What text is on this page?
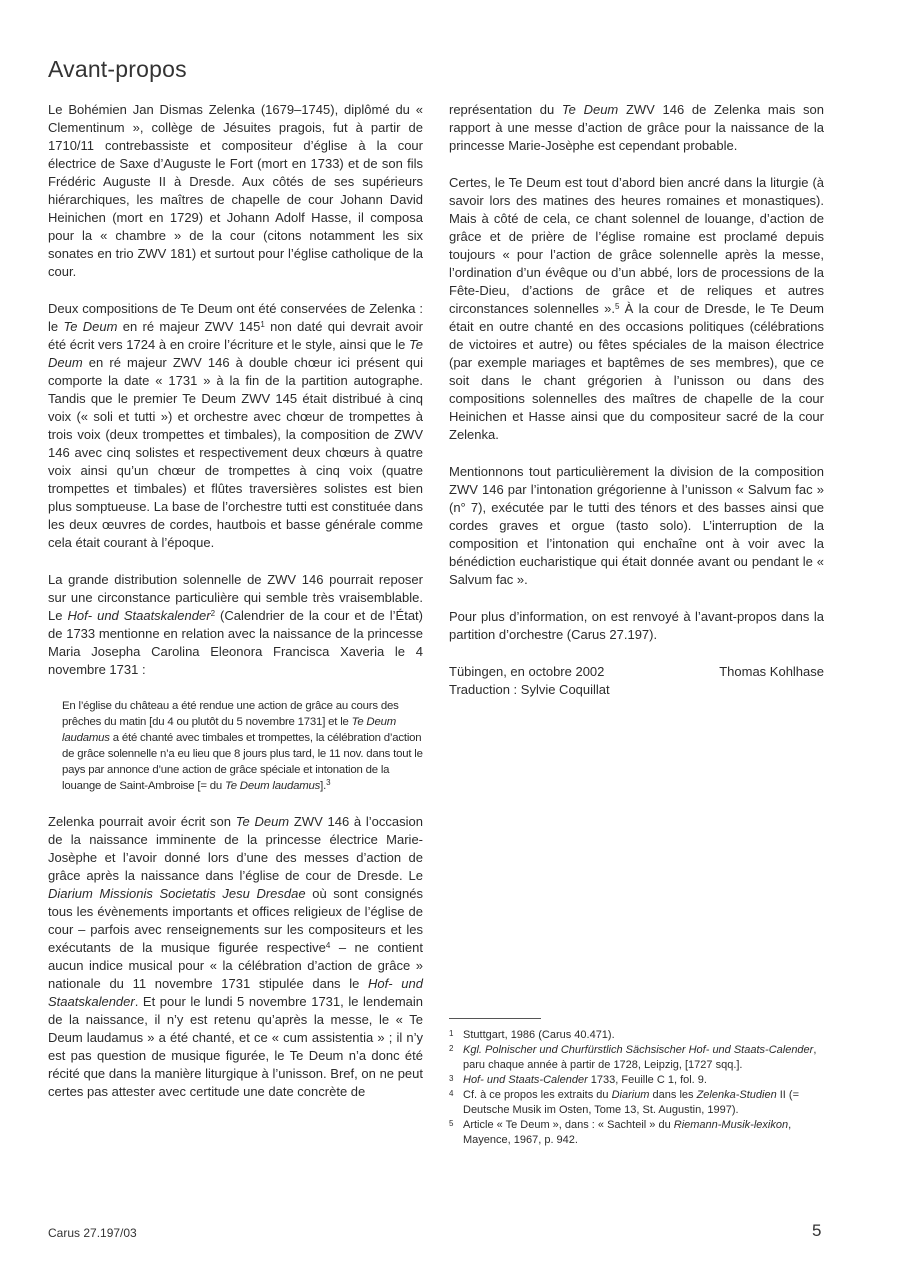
Avant-propos

Le Bohémien Jan Dismas Zelenka (1679–1745), diplômé du « Clementinum », collège de Jésuites pragois, fut à partir de 1710/11 contrebassiste et compositeur d’église à la cour électrice de Saxe d’Auguste le Fort (mort en 1733) et de son fils Frédéric Auguste II à Dresde. Aux côtés de ses supérieurs hiérarchiques, les maîtres de chapelle de cour Johann David Heinichen (mort en 1729) et Johann Adolf Hasse, il composa pour la « chambre » de la cour (citons notamment les six sonates en trio ZWV 181) et surtout pour l’église catholique de la cour.

Deux compositions de Te Deum ont été conservées de Zelenka : le Te Deum en ré majeur ZWV $145^1$ non daté qui devrait avoir été écrit vers 1724 à en croire l’écriture et le style, ainsi que le Te Deum en ré majeur ZWV 146 à double chœur ici présent qui comporte la date « 1731 » à la fin de la partition autographe. Tandis que le premier Te Deum ZWV 145 était distribué à cinq voix (« soli et tutti ») et orchestre avec chœur de trompettes à trois voix (deux trompettes et timbales), la composition de ZWV 146 avec cinq solistes et respectivement deux chœurs à quatre voix ainsi qu’un chœur de trompettes à cinq voix (quatre trompettes et timbales) et flûtes traversières solistes est bien plus somptueuse. La base de l’orchestre tutti est constituée dans les deux œuvres de cordes, hautbois et basse générale comme cela était courant à l’époque.

La grande distribution solennelle de ZWV 146 pourrait reposer sur une circonstance particulière qui semble très vraisemblable. Le Hof- und Staatskalender$^2$ (Calendrier de la cour et de l’État) de 1733 mentionne en relation avec la naissance de la princesse Maria Josepha Carolina Eleonora Francisca Xaveria le 4 novembre 1731 :

En l’église du château a été rendue une action de grâce au cours des prêches du matin [du 4 ou plutôt du 5 novembre 1731] et le Te Deum laudamus a été chanté avec timbales et trompettes, la célébration d’action de grâce solennelle n’a eu lieu que 8 jours plus tard, le 11 nov. dans tout le pays par annonce d’une action de grâce spéciale et intonation de la louange de Saint-Ambroise [= du Te Deum laudamus].$^3$

Zelenka pourrait avoir écrit son Te Deum ZWV 146 à l’occasion de la naissance imminente de la princesse électrice Marie-Josèphe et l’avoir donné lors d’une des messes d’action de grâce après la naissance dans l’église de cour de Dresde. Le Diarium Missionis Societatis Jesu Dresdae où sont consignés tous les évènements importants et offices religieux de l’église de cour – parfois avec renseignements sur les compositeurs et les exécutants de la musique figurée respective$^4$ – ne contient aucun indice musical pour « la célébration d’action de grâce » nationale du 11 novembre 1731 stipulée dans le Hof- und Staatskalender. Et pour le lundi 5 novembre 1731, le lendemain de la naissance, il n’y est retenu qu’après la messe, le « Te Deum laudamus » a été chanté, et ce « cum assistentia » ; il n’y est pas question de musique figurée, le Te Deum n’a donc été récité que dans la manière liturgique à l’unisson. Bref, on ne peut certes pas attester avec certitude une date concrète de

représentation du Te Deum ZWV 146 de Zelenka mais son rapport à une messe d’action de grâce pour la naissance de la princesse Marie-Josèphe est cependant probable.

Certes, le Te Deum est tout d’abord bien ancré dans la liturgie (à savoir lors des matines des heures romaines et monastiques). Mais à côté de cela, ce chant solennel de louange, d’action de grâce et de prière de l’église romaine est proclamé depuis toujours « pour l’action de grâce solennelle après la messe, l’ordination d’un évêque ou d’un abbé, lors de processions de la Fête-Dieu, d’actions de grâce et de reliques et autres circonstances solennelles ».$^5$ À la cour de Dresde, le Te Deum était en outre chanté en des occasions politiques (célébrations de victoires et autre) ou fêtes spéciales de la maison électrice (par exemple mariages et baptêmes de ses membres), que ce soit dans le chant grégorien à l’unisson ou dans des compositions solennelles des maîtres de chapelle de la cour Heinichen et Hasse ainsi que du compositeur sacré de la cour Zelenka.

Mentionnons tout particulièrement la division de la composition ZWV 146 par l’intonation grégorienne à l’unisson « Salvum fac » (n° 7), exécutée par le tutti des ténors et des basses ainsi que cordes graves et orgue (tasto solo). L’interruption de la composition et l’intonation qui enchaîne ont à voir avec la bénédiction eucharistique qui était donnée avant ou pendant le « Salvum fac ».

Pour plus d’information, on est renvoyé à l’avant-propos dans la partition d’orchestre (Carus 27.197).

Tübingen, en octobre 2002
Traduction : Sylvie Coquillat
Thomas Kohlhase
1 Stuttgart, 1986 (Carus 40.471).
2 Kgl. Polnischer und Churfürstlich Sächsischer Hof- und Staats-Calender, paru chaque année à partir de 1728, Leipzig, [1727 sqq.].
3 Hof- und Staats-Calender 1733, Feuille C 1, fol. 9.
4 Cf. à ce propos les extraits du Diarium dans les Zelenka-Studien II (= Deutsche Musik im Osten, Tome 13, St. Augustin, 1997).
5 Article « Te Deum », dans : « Sachteil » du Riemann-Musik-lexikon, Mayence, 1967, p. 942.
Carus 27.197/03	5
